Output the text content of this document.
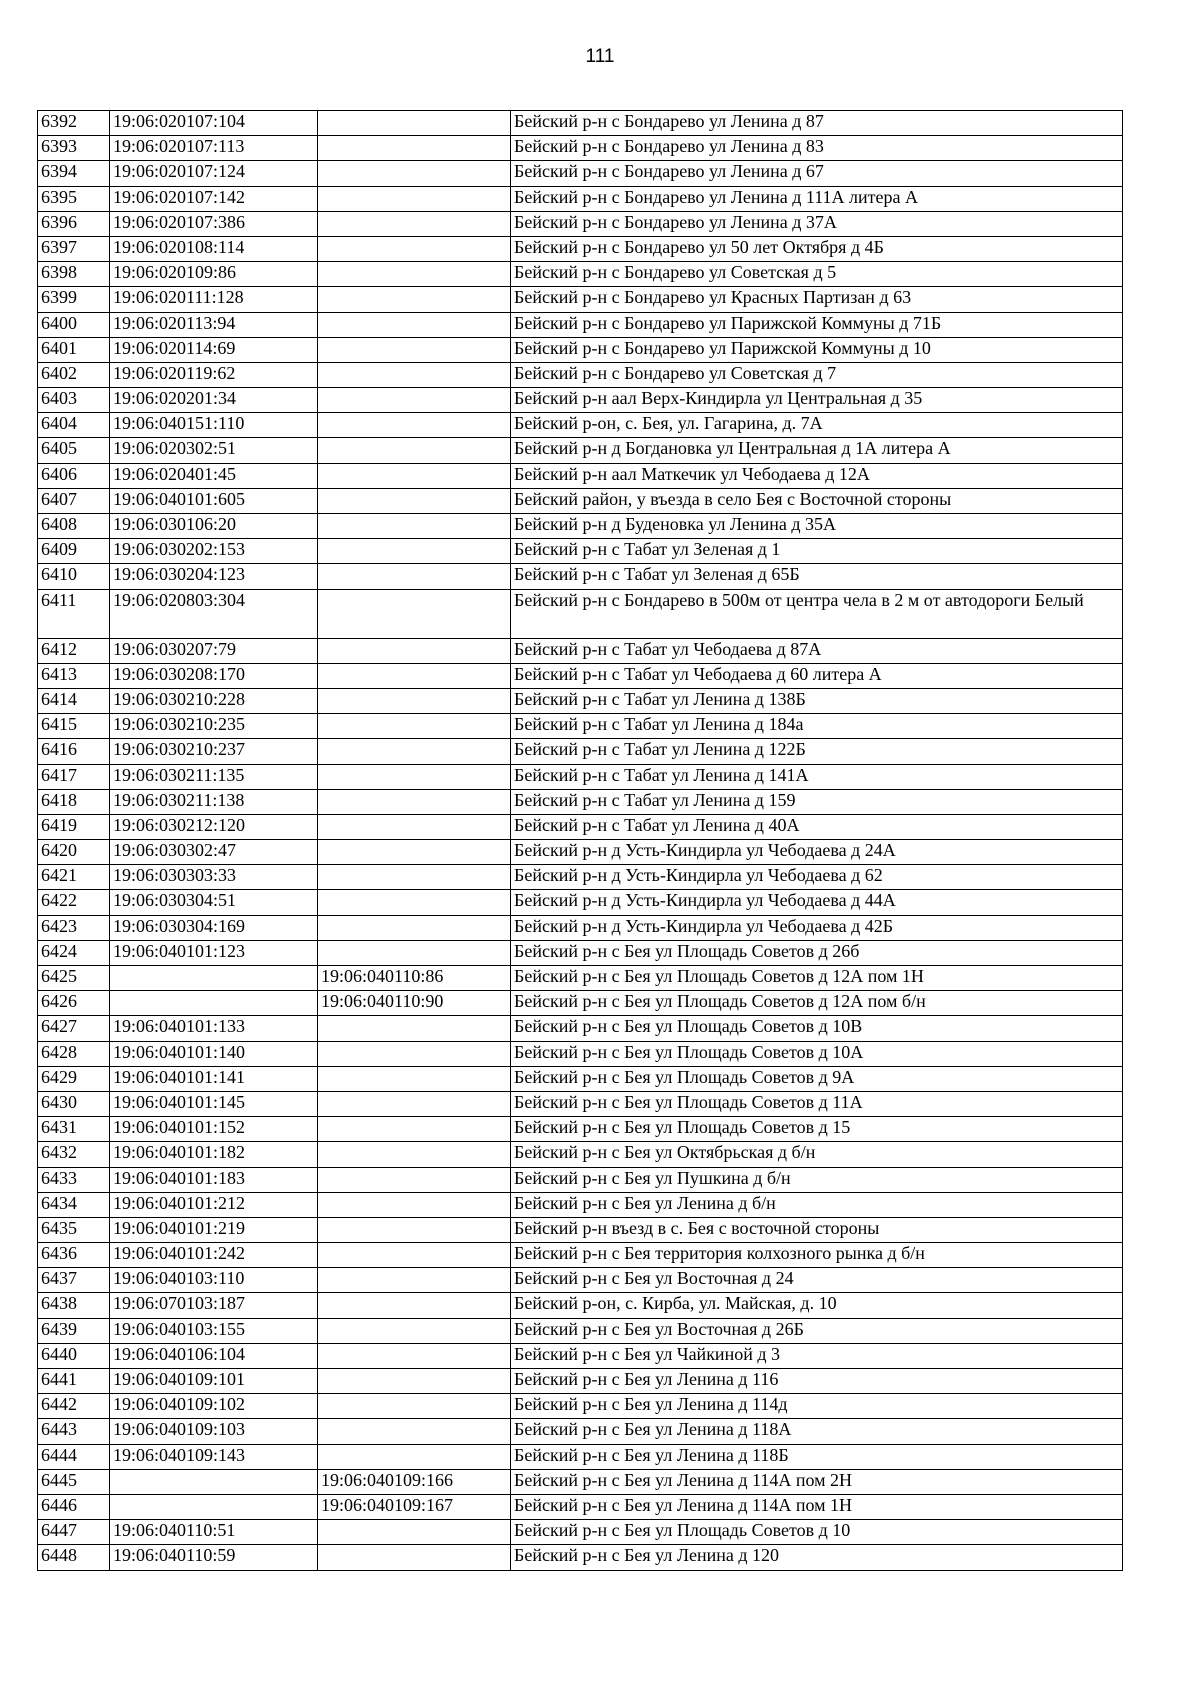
111
6392	19:06:020107:104		Бейский р-н с Бондарево ул Ленина д 87
6393	19:06:020107:113		Бейский р-н с Бондарево ул Ленина д 83
6394	19:06:020107:124		Бейский р-н с Бондарево ул Ленина д 67
6395	19:06:020107:142		Бейский р-н с Бондарево ул Ленина д 111А литера А
6396	19:06:020107:386		Бейский р-н с Бондарево ул Ленина д 37А
6397	19:06:020108:114		Бейский р-н с Бондарево ул 50 лет Октября д 4Б
6398	19:06:020109:86		Бейский р-н с Бондарево ул Советская д 5
6399	19:06:020111:128		Бейский р-н с Бондарево ул Красных Партизан д 63
6400	19:06:020113:94		Бейский р-н с Бондарево ул Парижской Коммуны д 71Б
6401	19:06:020114:69		Бейский р-н с Бондарево ул Парижской Коммуны д 10
6402	19:06:020119:62		Бейский р-н с Бондарево ул Советская д 7
6403	19:06:020201:34		Бейский р-н аал Верх-Киндирла ул Центральная д 35
6404	19:06:040151:110		Бейский р-он, с. Бея, ул. Гагарина, д. 7А
6405	19:06:020302:51		Бейский р-н д Богдановка ул Центральная д 1А литера А
6406	19:06:020401:45		Бейский р-н аал Маткечик ул Чебодаева д 12А
6407	19:06:040101:605		Бейский район, у въезда в село Бея с Восточной стороны
6408	19:06:030106:20		Бейский р-н д Буденовка ул Ленина д 35А
6409	19:06:030202:153		Бейский р-н с Табат ул Зеленая д 1
6410	19:06:030204:123		Бейский р-н с Табат ул Зеленая д 65Б
6411	19:06:020803:304		Бейский р-н с Бондарево в 500м от центра чела в 2 м от автодороги Белый
6412	19:06:030207:79		Бейский р-н с Табат ул Чебодаева д 87А
6413	19:06:030208:170		Бейский р-н с Табат ул Чебодаева д 60 литера А
6414	19:06:030210:228		Бейский р-н с Табат ул Ленина д 138Б
6415	19:06:030210:235		Бейский р-н с Табат ул Ленина д 184а
6416	19:06:030210:237		Бейский р-н с Табат ул Ленина д 122Б
6417	19:06:030211:135		Бейский р-н с Табат ул Ленина д 141А
6418	19:06:030211:138		Бейский р-н с Табат ул Ленина д 159
6419	19:06:030212:120		Бейский р-н с Табат ул Ленина д 40А
6420	19:06:030302:47		Бейский р-н д Усть-Киндирла ул Чебодаева д 24А
6421	19:06:030303:33		Бейский р-н д Усть-Киндирла ул Чебодаева д 62
6422	19:06:030304:51		Бейский р-н д Усть-Киндирла ул Чебодаева д 44А
6423	19:06:030304:169		Бейский р-н д Усть-Киндирла ул Чебодаева д 42Б
6424	19:06:040101:123		Бейский р-н с Бея ул Площадь Советов д 26б
6425		19:06:040110:86	Бейский р-н с Бея ул Площадь Советов д 12А пом 1Н
6426		19:06:040110:90	Бейский р-н с Бея ул Площадь Советов д 12А пом б/н
6427	19:06:040101:133		Бейский р-н с Бея ул Площадь Советов д 10В
6428	19:06:040101:140		Бейский р-н с Бея ул Площадь Советов д 10А
6429	19:06:040101:141		Бейский р-н с Бея ул Площадь Советов д 9А
6430	19:06:040101:145		Бейский р-н с Бея ул Площадь Советов д 11А
6431	19:06:040101:152		Бейский р-н с Бея ул Площадь Советов д 15
6432	19:06:040101:182		Бейский р-н с Бея ул Октябрьская д б/н
6433	19:06:040101:183		Бейский р-н с Бея ул Пушкина д б/н
6434	19:06:040101:212		Бейский р-н с Бея ул Ленина д б/н
6435	19:06:040101:219		Бейский р-н въезд в с. Бея с восточной стороны
6436	19:06:040101:242		Бейский р-н с Бея территория колхозного рынка д б/н
6437	19:06:040103:110		Бейский р-н с Бея ул Восточная д 24
6438	19:06:070103:187		Бейский р-он, с. Кирба, ул. Майская, д. 10
6439	19:06:040103:155		Бейский р-н с Бея ул Восточная д 26Б
6440	19:06:040106:104		Бейский р-н с Бея ул Чайкиной д 3
6441	19:06:040109:101		Бейский р-н с Бея ул Ленина д 116
6442	19:06:040109:102		Бейский р-н с Бея ул Ленина д 114д
6443	19:06:040109:103		Бейский р-н с Бея ул Ленина д 118А
6444	19:06:040109:143		Бейский р-н с Бея ул Ленина д 118Б
6445		19:06:040109:166	Бейский р-н с Бея ул Ленина д 114А пом 2Н
6446		19:06:040109:167	Бейский р-н с Бея ул Ленина д 114А пом 1Н
6447	19:06:040110:51		Бейский р-н с Бея ул Площадь Советов д 10
6448	19:06:040110:59		Бейский р-н с Бея ул Ленина д 120
